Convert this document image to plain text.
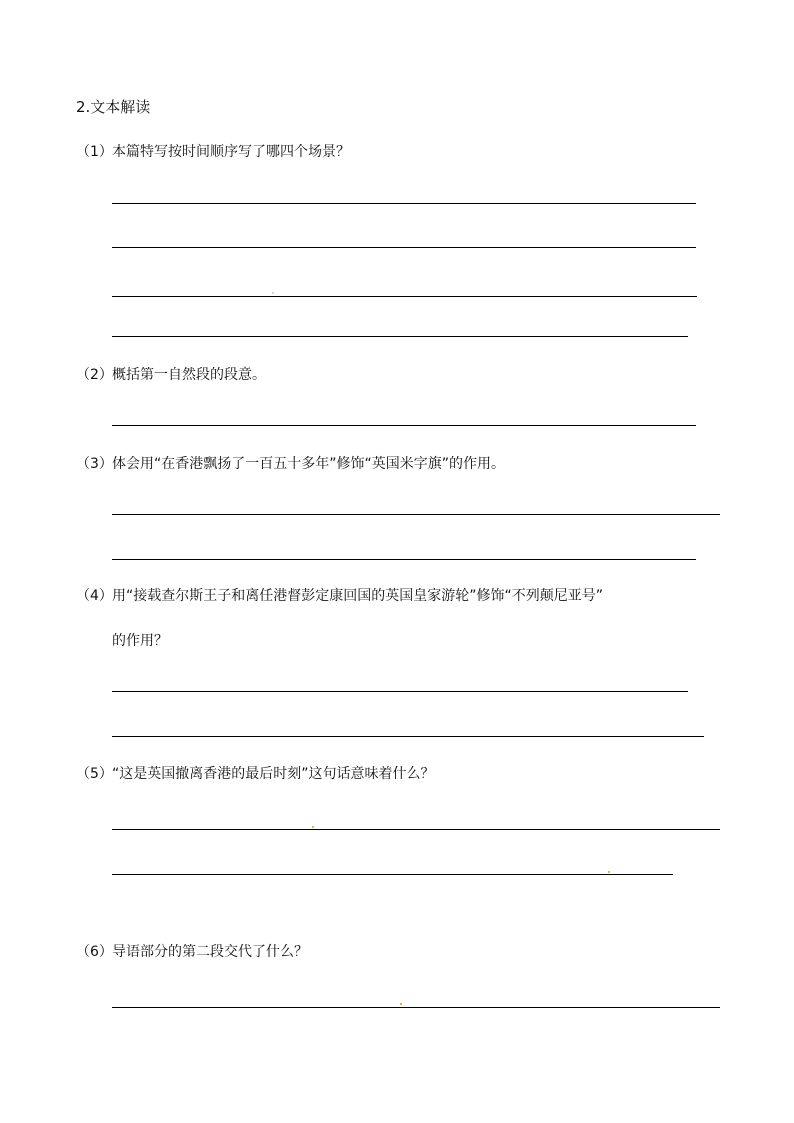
2.文本解读
（1） 本篇特写按时间顺序写了哪四个场景？
（2） 概括第一自然段的段意。
（3） 体会用“在香港飘扬了一百五十多年”修饰“英国米字旗”的作用。
（4） 用“接载查尔斯王子和离任港督彭定康回国的英国皇家游轮”修饰“不列颠尼亚号”
的作用？
（5） “这是英国撤离香港的最后时刻”这句话意味着什么？
（6） 导语部分的第二段交代了什么？
